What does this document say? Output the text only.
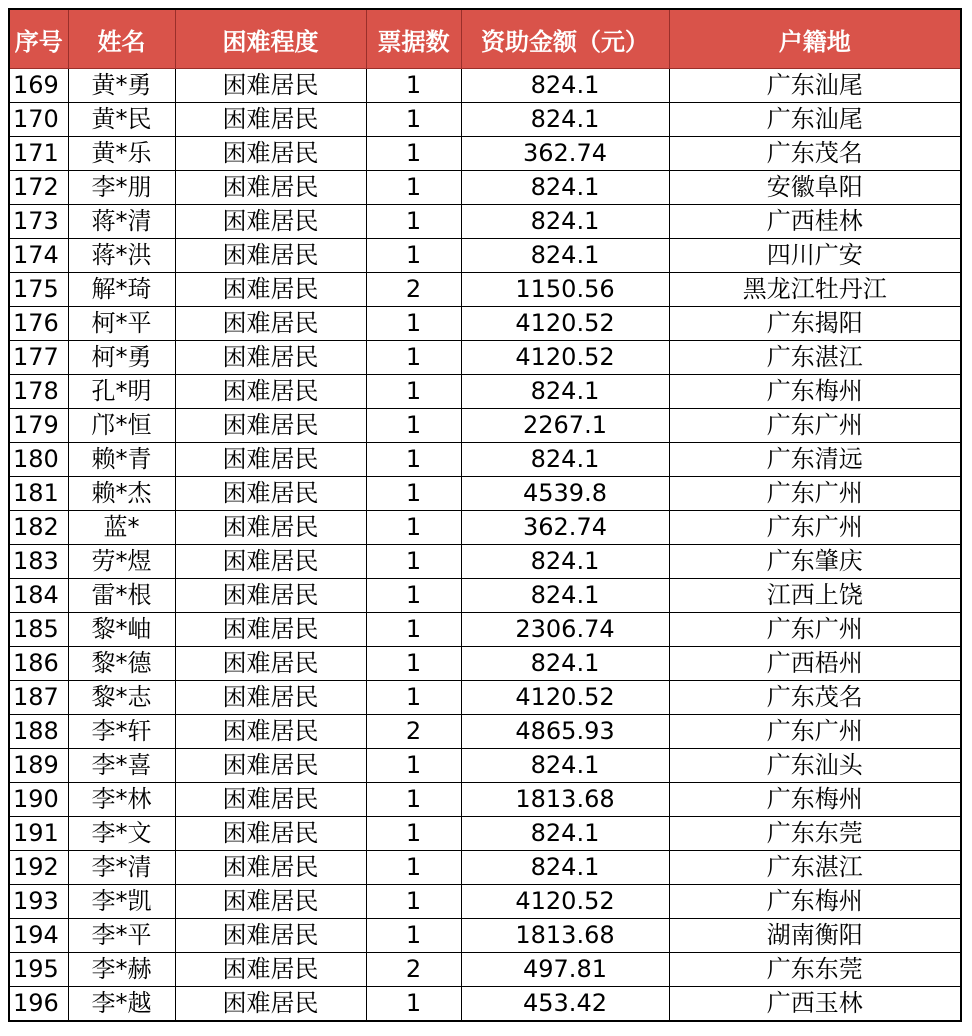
序号	姓名	困难程度	票据数	资助金额（元）	户籍地
169	黄*勇	困难居民	1	824.1	广东汕尾
170	黄*民	困难居民	1	824.1	广东汕尾
171	黄*乐	困难居民	1	362.74	广东茂名
172	李*朋	困难居民	1	824.1	安徽阜阳
173	蒋*清	困难居民	1	824.1	广西桂林
174	蒋*洪	困难居民	1	824.1	四川广安
175	解*琦	困难居民	2	1150.56	黑龙江牡丹江
176	柯*平	困难居民	1	4120.52	广东揭阳
177	柯*勇	困难居民	1	4120.52	广东湛江
178	孔*明	困难居民	1	824.1	广东梅州
179	邝*恒	困难居民	1	2267.1	广东广州
180	赖*青	困难居民	1	824.1	广东清远
181	赖*杰	困难居民	1	4539.8	广东广州
182	蓝*	困难居民	1	362.74	广东广州
183	劳*煜	困难居民	1	824.1	广东肇庆
184	雷*根	困难居民	1	824.1	江西上饶
185	黎*岫	困难居民	1	2306.74	广东广州
186	黎*德	困难居民	1	824.1	广西梧州
187	黎*志	困难居民	1	4120.52	广东茂名
188	李*轩	困难居民	2	4865.93	广东广州
189	李*喜	困难居民	1	824.1	广东汕头
190	李*林	困难居民	1	1813.68	广东梅州
191	李*文	困难居民	1	824.1	广东东莞
192	李*清	困难居民	1	824.1	广东湛江
193	李*凯	困难居民	1	4120.52	广东梅州
194	李*平	困难居民	1	1813.68	湖南衡阳
195	李*赫	困难居民	2	497.81	广东东莞
196	李*越	困难居民	1	453.42	广西玉林
